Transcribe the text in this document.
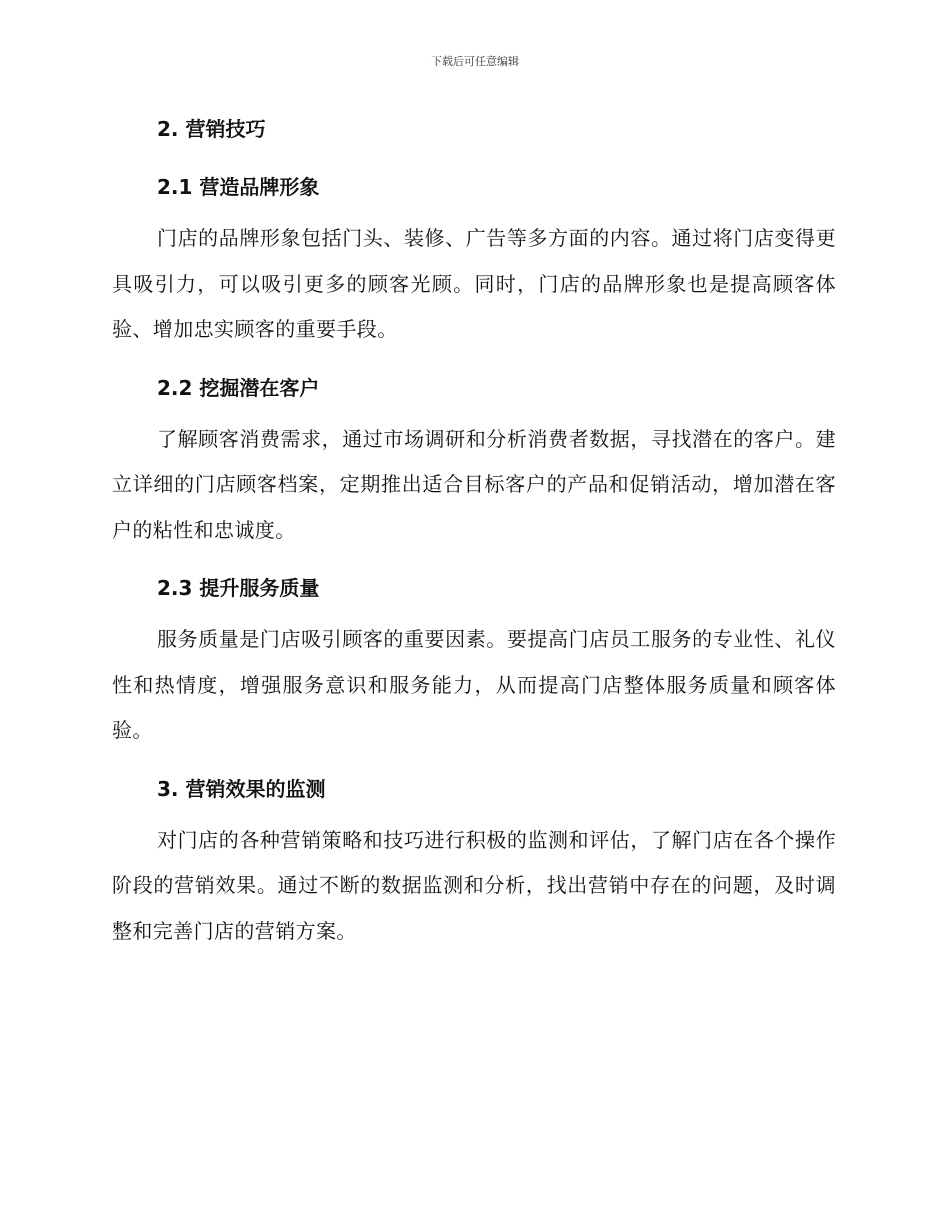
下载后可任意编辑
2. 营销技巧
2.1 营造品牌形象

门店的品牌形象包括门头、装修、广告等多方面的内容。通过将门店变得更具吸引力，可以吸引更多的顾客光顾。同时，门店的品牌形象也是提高顾客体验、增加忠实顾客的重要手段。

2.2 挖掘潜在客户

了解顾客消费需求，通过市场调研和分析消费者数据，寻找潜在的客户。建立详细的门店顾客档案，定期推出适合目标客户的产品和促销活动，增加潜在客户的粘性和忠诚度。

2.3 提升服务质量

服务质量是门店吸引顾客的重要因素。要提高门店员工服务的专业性、礼仪性和热情度，增强服务意识和服务能力，从而提高门店整体服务质量和顾客体验。

3. 营销效果的监测

对门店的各种营销策略和技巧进行积极的监测和评估，了解门店在各个操作阶段的营销效果。通过不断的数据监测和分析，找出营销中存在的问题，及时调整和完善门店的营销方案。
